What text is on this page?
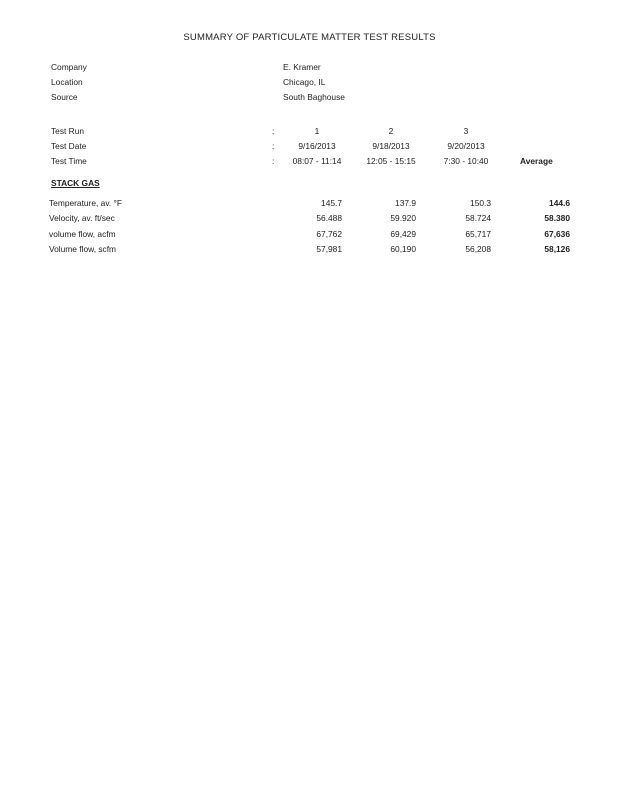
SUMMARY OF PARTICULATE MATTER TEST RESULTS
Company	E. Kramer
Location	Chicago, IL
Source	South Baghouse
Test Run	:	1	2	3
Test Date	:	9/16/2013	9/18/2013	9/20/2013
Test Time	:	08:07 - 11:14	12:05 - 15:15	7:30 - 10:40	Average
STACK GAS
Temperature, av. °F	145.7	137.9	150.3	144.6
Velocity, av. ft/sec	56.488	59.920	58.724	58.380
volume flow, acfm	67,762	69,429	65,717	67,636
Volume flow, scfm	57,981	60,190	56,208	58,126
